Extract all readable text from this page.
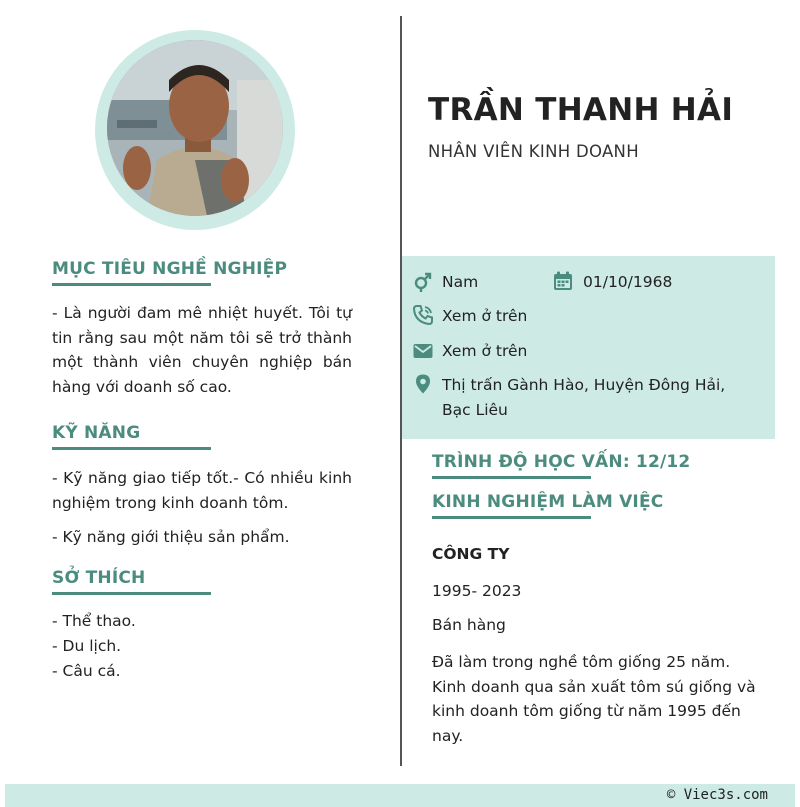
MỤC TIÊU NGHỀ NGHIỆP
- Là người đam mê nhiệt huyết. Tôi tự tin rằng sau một năm tôi sẽ trở thành một thành viên chuyên nghiệp bán hàng với doanh số cao.
KỸ NĂNG
- Kỹ năng giao tiếp tốt.- Có nhiều kinh nghiệm trong kinh doanh tôm.
- Kỹ năng giới thiệu sản phẩm.
SỞ THÍCH
- Thể thao.
- Du lịch.
- Câu cá.
TRẦN THANH HẢI
NHÂN VIÊN KINH DOANH
Nam	01/10/1968
Xem ở trên
Xem ở trên
Thị trấn Gành Hào, Huyện Đông Hải,
Bạc Liêu
TRÌNH ĐỘ HỌC VẤN: 12/12
KINH NGHIỆM LÀM VIỆC
CÔNG TY
1995- 2023
Bán hàng
Đã làm trong nghề tôm giống 25 năm. Kinh doanh qua sản xuất tôm sú giống và kinh doanh tôm giống từ năm 1995 đến nay.
© Viec3s.com
